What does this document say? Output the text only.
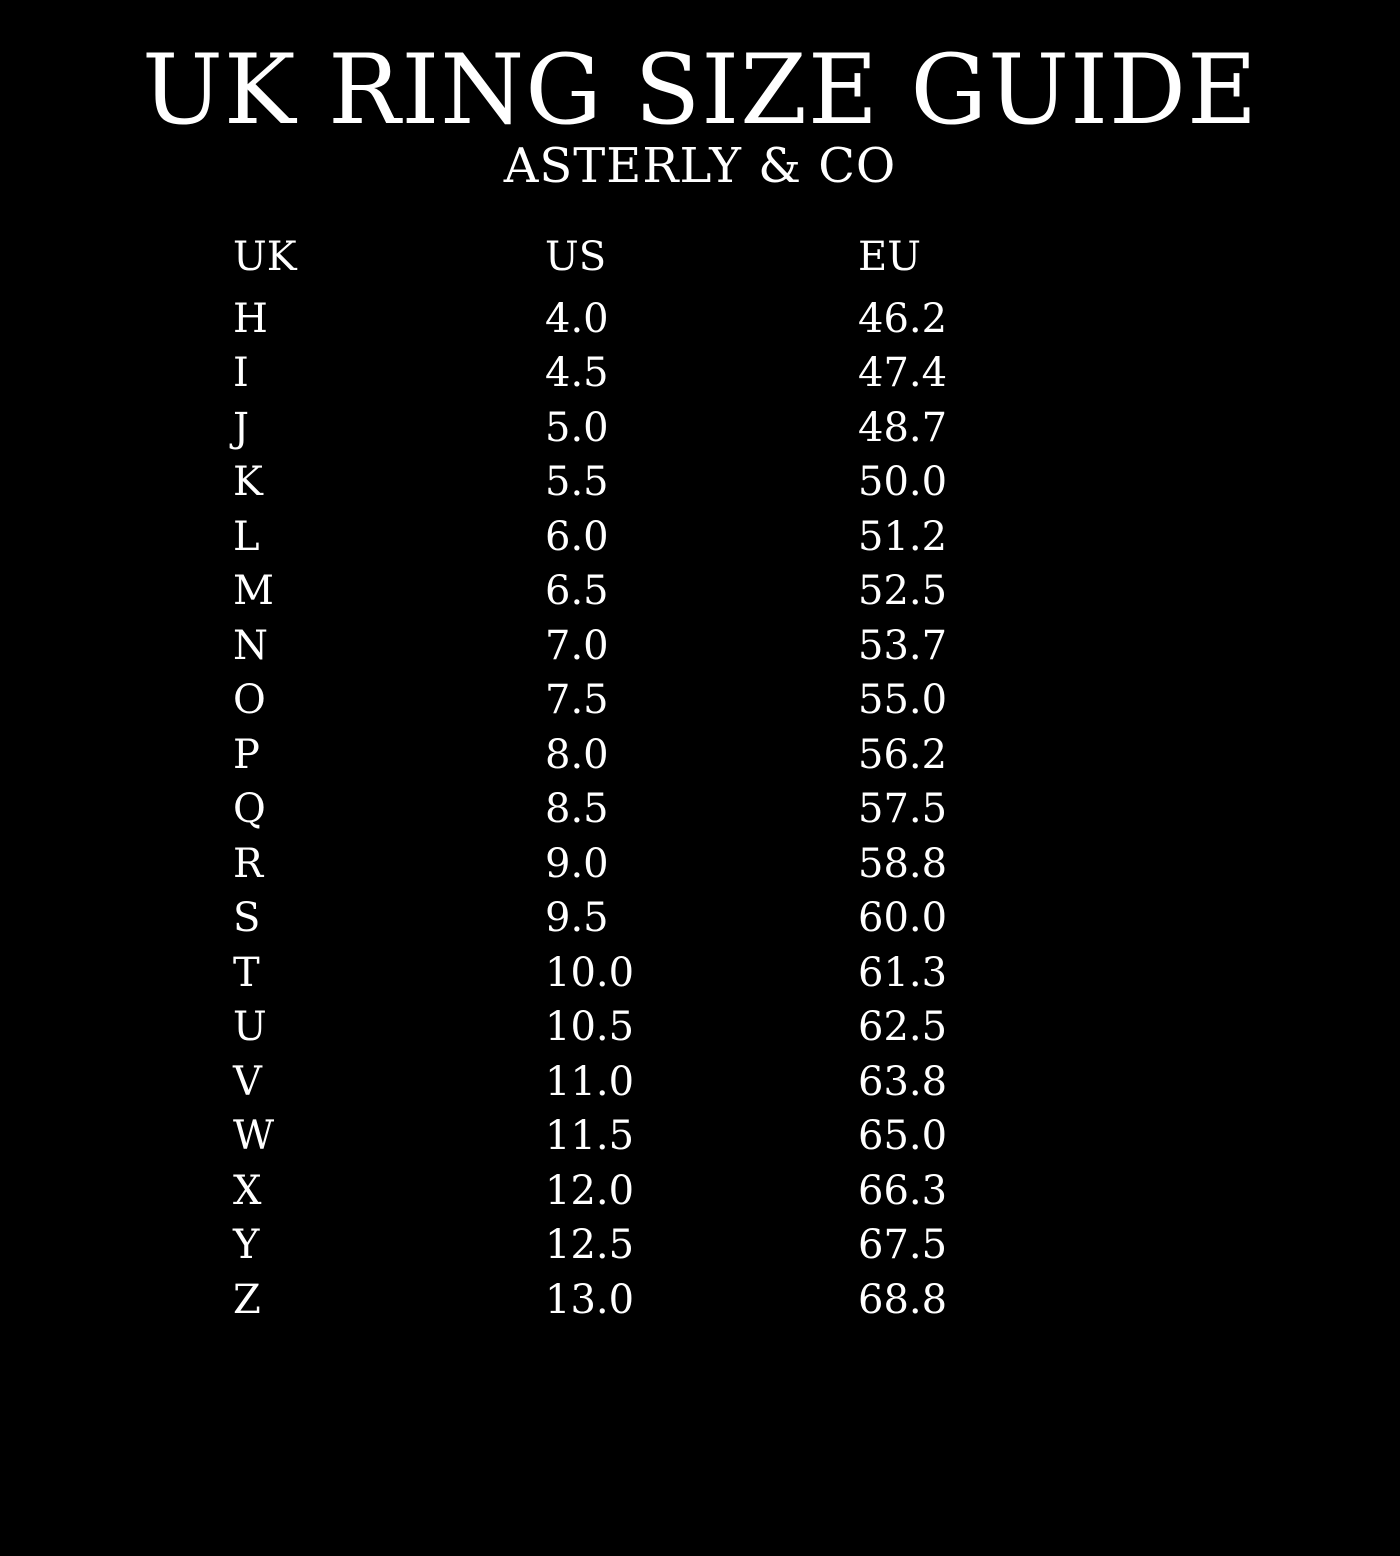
UK RING SIZE GUIDE
ASTERLY & CO
UK	US	EU
H	4.0	46.2
I	4.5	47.4
J	5.0	48.7
K	5.5	50.0
L	6.0	51.2
M	6.5	52.5
N	7.0	53.7
O	7.5	55.0
P	8.0	56.2
Q	8.5	57.5
R	9.0	58.8
S	9.5	60.0
T	10.0	61.3
U	10.5	62.5
V	11.0	63.8
W	11.5	65.0
X	12.0	66.3
Y	12.5	67.5
Z	13.0	68.8
